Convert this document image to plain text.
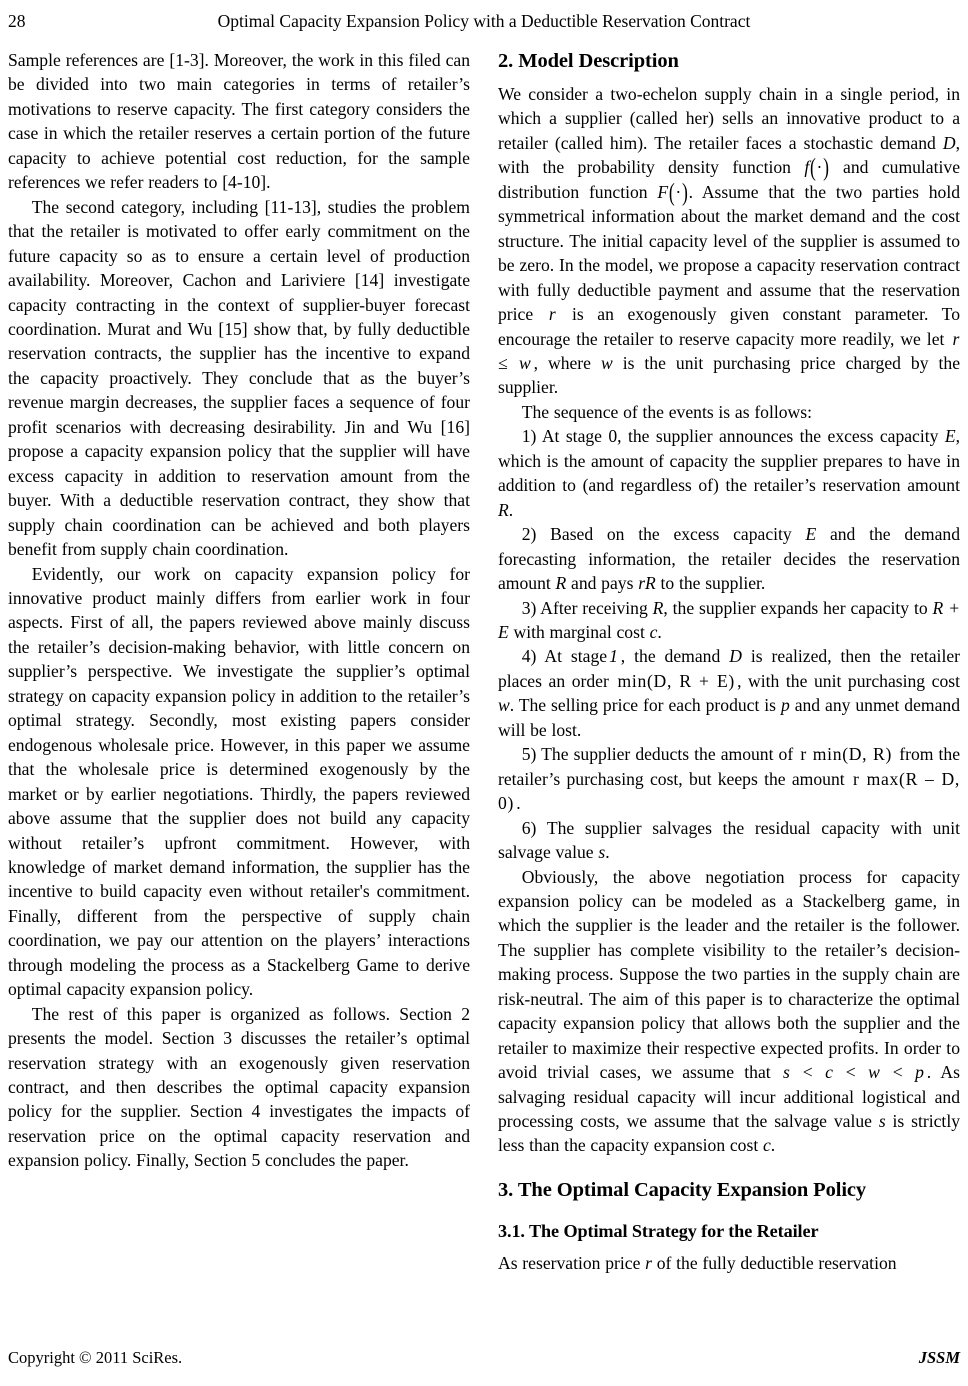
28	Optimal Capacity Expansion Policy with a Deductible Reservation Contract

Sample references are [1-3]. Moreover, the work in this filed can be divided into two main categories in terms of retailer’s motivations to reserve capacity. The first category considers the case in which the retailer reserves a certain portion of the future capacity to achieve potential cost reduction, for the sample references we refer readers to [4-10].

The second category, including [11-13], studies the problem that the retailer is motivated to offer early commitment on the future capacity so as to ensure a certain level of production availability. Moreover, Cachon and Lariviere [14] investigate capacity contracting in the context of supplier-buyer forecast coordination. Murat and Wu [15] show that, by fully deductible reservation contracts, the supplier has the incentive to expand the capacity proactively. They conclude that as the buyer’s revenue margin decreases, the supplier faces a sequence of four profit scenarios with decreasing desirability. Jin and Wu [16] propose a capacity expansion policy that the supplier will have excess capacity in addition to reservation amount from the buyer. With a deductible reservation contract, they show that supply chain coordination can be achieved and both players benefit from supply chain coordination.

Evidently, our work on capacity expansion policy for innovative product mainly differs from earlier work in four aspects. First of all, the papers reviewed above mainly discuss the retailer’s decision-making behavior, with little concern on supplier’s perspective. We investigate the supplier’s optimal strategy on capacity expansion policy in addition to the retailer’s optimal strategy. Secondly, most existing papers consider endogenous wholesale price. However, in this paper we assume that the wholesale price is determined exogenously by the market or by earlier negotiations. Thirdly, the papers reviewed above assume that the supplier does not build any capacity without retailer’s upfront commitment. However, with knowledge of market demand information, the supplier has the incentive to build capacity even without retailer's commitment. Finally, different from the perspective of supply chain coordination, we pay our attention on the players’ interactions through modeling the process as a Stackelberg Game to derive optimal capacity expansion policy.

The rest of this paper is organized as follows. Section 2 presents the model. Section 3 discusses the retailer’s optimal reservation strategy with an exogenously given reservation contract, and then describes the optimal capacity expansion policy for the supplier. Section 4 investigates the impacts of reservation price on the optimal capacity reservation and expansion policy. Finally, Section 5 concludes the paper.

2. Model Description

We consider a two-echelon supply chain in a single period, in which a supplier (called her) sells an innovative product to a retailer (called him). The retailer faces a stochastic demand D, with the probability density function f(·) and cumulative distribution function F(·). Assume that the two parties hold symmetrical information about the market demand and the cost structure. The initial capacity level of the supplier is assumed to be zero. In the model, we propose a capacity reservation contract with fully deductible payment and assume that the reservation price r is an exogenously given constant parameter. To encourage the retailer to reserve capacity more readily, we let r ≤ w , where w is the unit purchasing price charged by the supplier.

The sequence of the events is as follows:

1) At stage 0, the supplier announces the excess capacity E, which is the amount of capacity the supplier prepares to have in addition to (and regardless of) the retailer’s reservation amount R.

2) Based on the excess capacity E and the demand forecasting information, the retailer decides the reservation amount R and pays rR to the supplier.

3) After receiving R, the supplier expands her capacity to R + E with marginal cost c.

4) At stage 1 , the demand D is realized, then the retailer places an order min(D, R + E) , with the unit purchasing cost w. The selling price for each product is p and any unmet demand will be lost.

5) The supplier deducts the amount of r min(D, R) from the retailer’s purchasing cost, but keeps the amount r max(R – D, 0) .

6) The supplier salvages the residual capacity with unit salvage value s.

Obviously, the above negotiation process for capacity expansion policy can be modeled as a Stackelberg game, in which the supplier is the leader and the retailer is the follower. The supplier has complete visibility to the retailer’s decision-making process. Suppose the two parties in the supply chain are risk-neutral. The aim of this paper is to characterize the optimal capacity expansion policy that allows both the supplier and the retailer to maximize their respective expected profits. In order to avoid trivial cases, we assume that s < c < w < p . As salvaging residual capacity will incur additional logistical and processing costs, we assume that the salvage value s is strictly less than the capacity expansion cost c.

3. The Optimal Capacity Expansion Policy
3.1. The Optimal Strategy for the Retailer

As reservation price r of the fully deductible reservation

Copyright © 2011 SciRes.	JSSM
